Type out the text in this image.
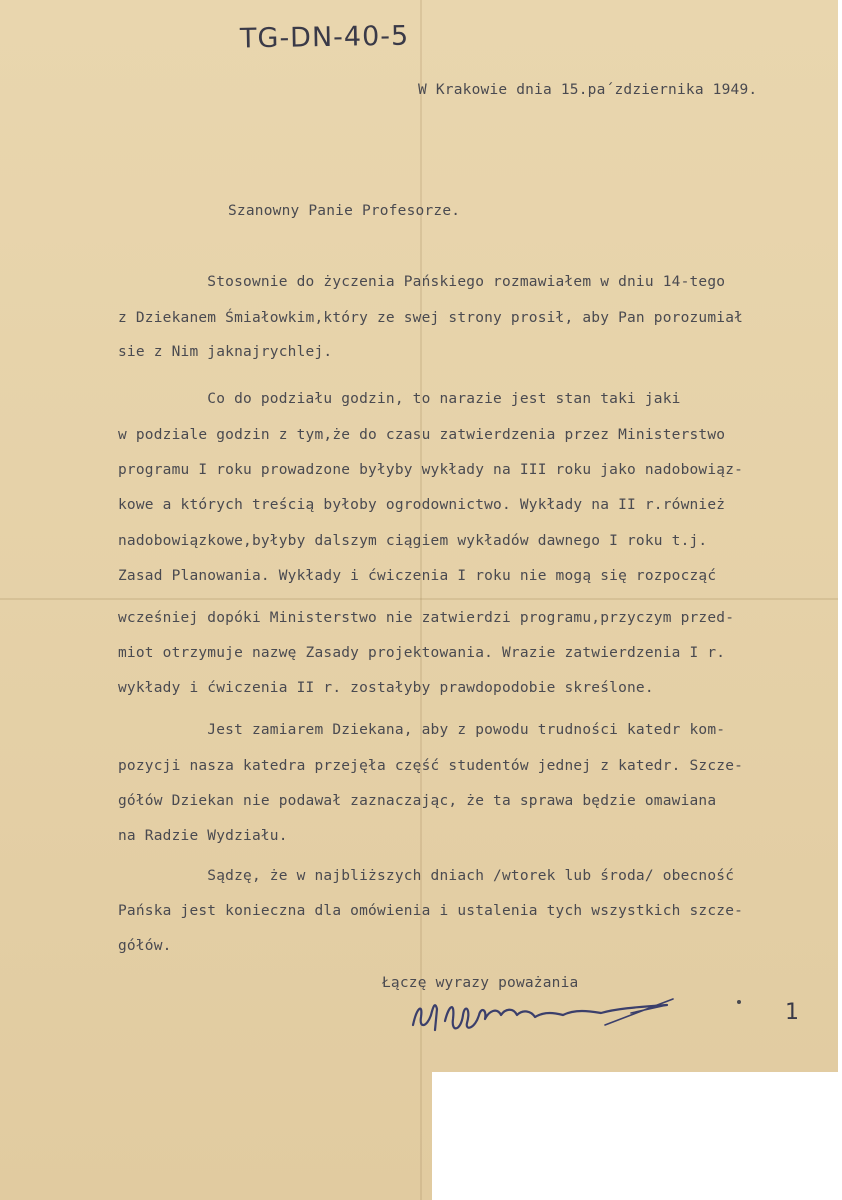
TG-DN-40-5
W Krakowie dnia 15.pa´zdziernika 1949.
Szanowny Panie Profesorze.
Stosownie do życzenia Pańskiego rozmawiałem w dniu 14-tego
z Dziekanem Śmiałowkim,który ze swej strony prosił, aby Pan porozumiał
sie z Nim jaknajrychlej.
Co do podziału godzin, to narazie jest stan taki jaki
w podziale godzin z tym,że do czasu zatwierdzenia przez Ministerstwo
programu I roku prowadzone byłyby wykłady na III roku jako nadobowiąz-
kowe a których treścią byłoby ogrodownictwo. Wykłady na II r.również
nadobowiązkowe,byłyby dalszym ciągiem wykładów dawnego I roku t.j.
Zasad Planowania. Wykłady i ćwiczenia I roku nie mogą się rozpocząć
wcześniej dopóki Ministerstwo nie zatwierdzi programu,przyczym przed-
miot otrzymuje nazwę Zasady projektowania. Wrazie zatwierdzenia I r.
wykłady i ćwiczenia II r. zostałyby prawdopodobie skreślone.
Jest zamiarem Dziekana, aby z powodu trudności katedr kom-
pozycji nasza katedra przejęła część studentów jednej z katedr. Szcze-
gółów Dziekan nie podawał zaznaczając, że ta sprawa będzie omawiana
na Radzie Wydziału.
Sądzę, że w najbliższych dniach /wtorek lub środa/ obecność
Pańska jest konieczna dla omówienia i ustalenia tych wszystkich szcze-
gółów.
Łączę wyrazy poważania
1
